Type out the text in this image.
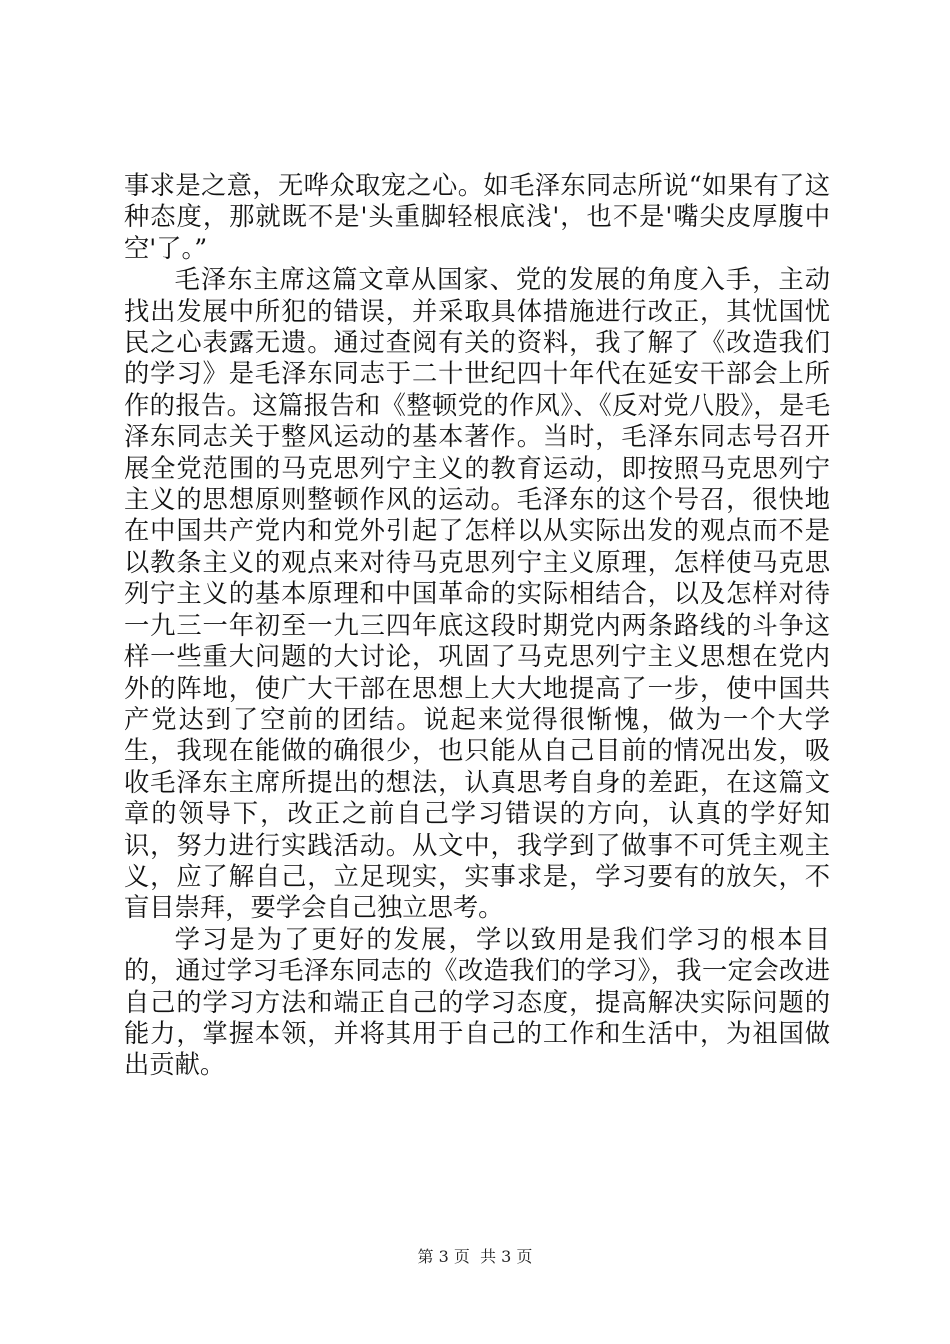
事求是之意，无哗众取宠之心。如毛泽东同志所说“如果有了这种态度，那就既不是'头重脚轻根底浅'，也不是'嘴尖皮厚腹中空'了。”

毛泽东主席这篇文章从国家、党的发展的角度入手，主动找出发展中所犯的错误，并采取具体措施进行改正，其忧国忧民之心表露无遗。通过查阅有关的资料，我了解了《改造我们的学习》是毛泽东同志于二十世纪四十年代在延安干部会上所作的报告。这篇报告和《整顿党的作风》、《反对党八股》，是毛泽东同志关于整风运动的基本著作。当时，毛泽东同志号召开展全党范围的马克思列宁主义的教育运动，即按照马克思列宁主义的思想原则整顿作风的运动。毛泽东的这个号召，很快地在中国共产党内和党外引起了怎样以从实际出发的观点而不是以教条主义的观点来对待马克思列宁主义原理，怎样使马克思列宁主义的基本原理和中国革命的实际相结合，以及怎样对待一九三一年初至一九三四年底这段时期党内两条路线的斗争这样一些重大问题的大讨论，巩固了马克思列宁主义思想在党内外的阵地，使广大干部在思想上大大地提高了一步，使中国共产党达到了空前的团结。说起来觉得很惭愧，做为一个大学生，我现在能做的确很少，也只能从自己目前的情况出发，吸收毛泽东主席所提出的想法，认真思考自身的差距，在这篇文章的领导下，改正之前自己学习错误的方向，认真的学好知识，努力进行实践活动。从文中，我学到了做事不可凭主观主义，应了解自己，立足现实，实事求是，学习要有的放矢，不盲目崇拜，要学会自己独立思考。

学习是为了更好的发展，学以致用是我们学习的根本目的，通过学习毛泽东同志的《改造我们的学习》，我一定会改进自己的学习方法和端正自己的学习态度，提高解决实际问题的能力，掌握本领，并将其用于自己的工作和生活中，为祖国做出贡献。

第 3 页  共 3 页
